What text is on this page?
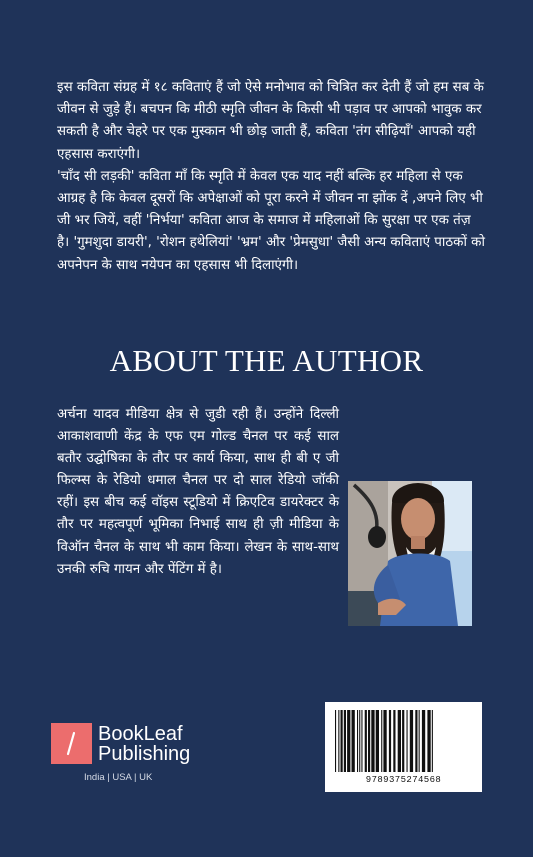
इस कविता संग्रह में १८ कविताएं हैं जो ऐसे मनोभाव को चित्रित कर देती हैं जो हम सब के जीवन से जुड़े हैं। बचपन कि मीठी स्मृति जीवन के किसी भी पड़ाव पर आपको भावुक कर सकती है और चेहरे पर एक मुस्कान भी छोड़ जाती हैं, कविता 'तंग सीढ़ियाँ' आपको यही एहसास कराएंगी।

'चाँद सी लड़की' कविता माँ कि स्मृति में केवल एक याद नहीं बल्कि हर महिला से एक आग्रह है कि केवल दूसरों कि अपेक्षाओं को पूरा करने में जीवन ना झोंक दें ,अपने लिए भी जी भर जियें, वहीं 'निर्भया' कविता आज के समाज में महिलाओं कि सुरक्षा पर एक तंज़ है। 'गुमशुदा डायरी', 'रोशन हथेलियां' 'भ्रम' और 'प्रेमसुधा' जैसी अन्य कविताएं पाठकों को अपनेपन के साथ नयेपन का एहसास भी दिलाएंगी।

ABOUT THE AUTHOR
अर्चना यादव मीडिया क्षेत्र से जुडी रही हैं। उन्होंने दिल्ली आकाशवाणी केंद्र के एफ एम गोल्ड चैनल पर कई साल बतौर उद्घोषिका के तौर पर कार्य किया, साथ ही बी ए जी फिल्म्स के रेडियो धमाल चैनल पर दो साल रेडियो जॉकी रहीं। इस बीच कई वॉइस स्टूडियो में क्रिएटिव डायरेक्टर के तौर पर महत्वपूर्ण भूमिका निभाई साथ ही ज़ी मीडिया के विऑन चैनल के साथ भी काम किया। लेखन के साथ-साथ उनकी रुचि गायन और पेंटिंग में है।
BookLeaf
Publishing
India | USA | UK	9789375274568
